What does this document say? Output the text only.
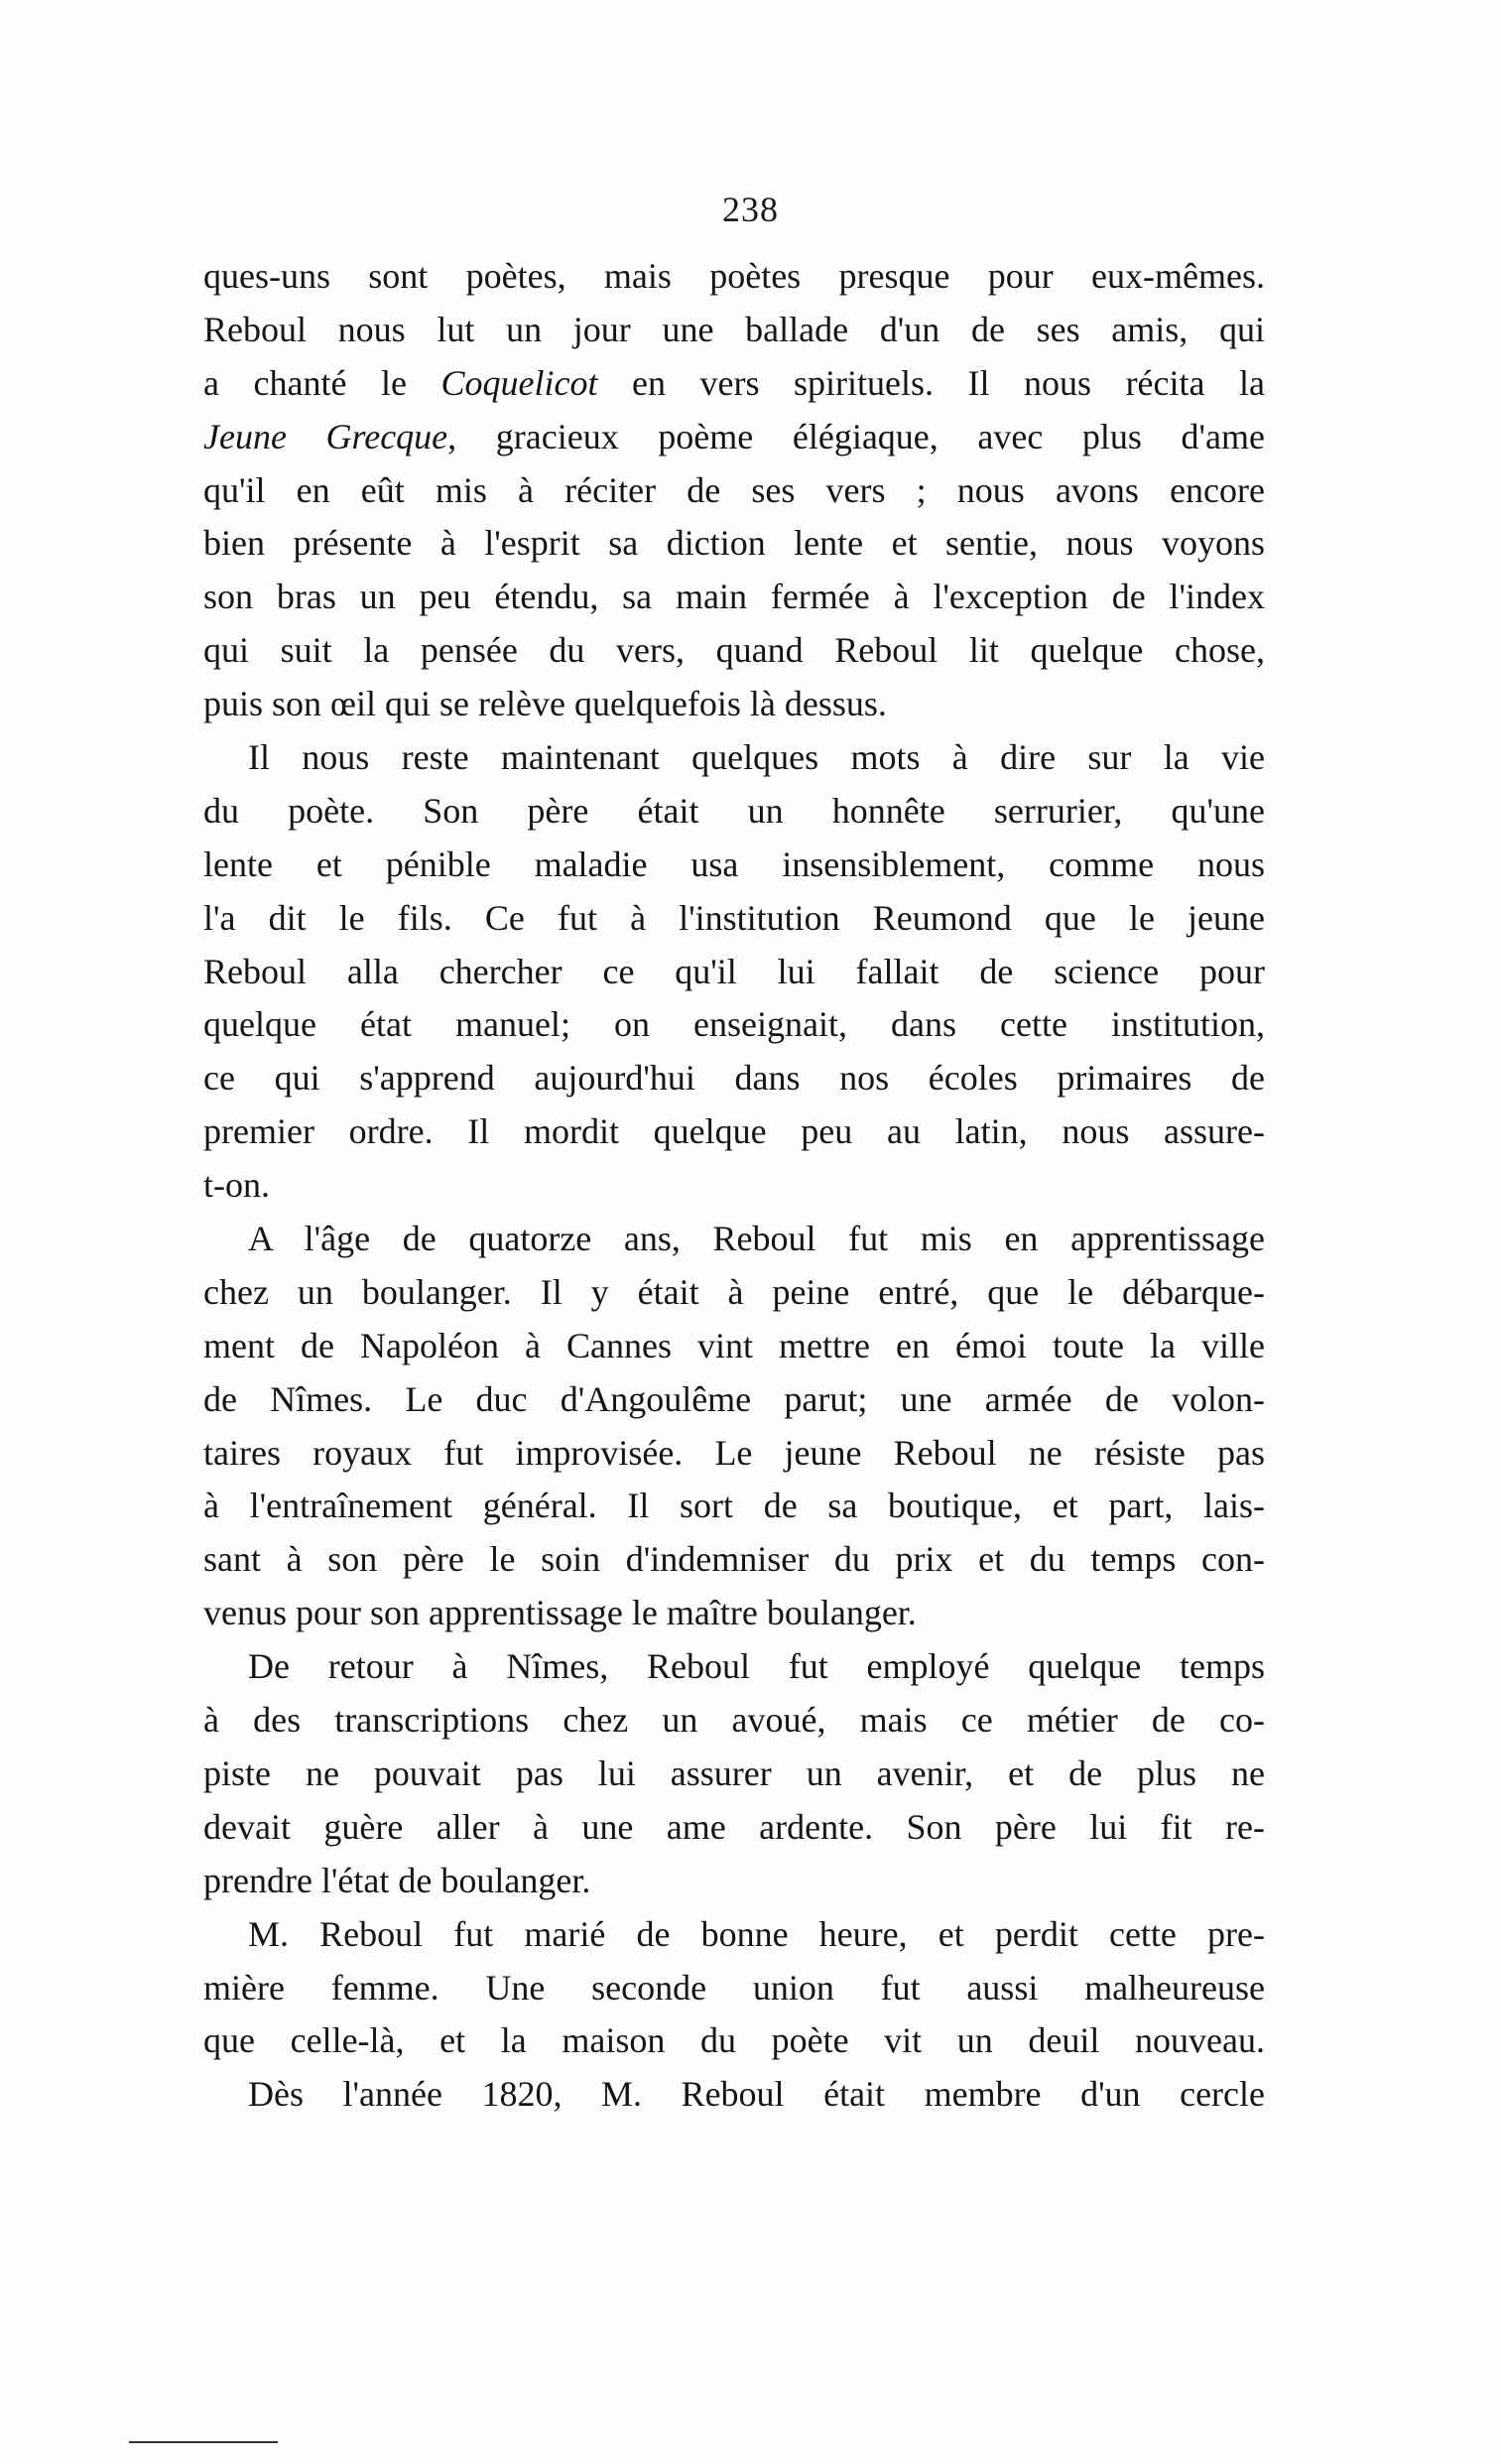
238
ques-uns sont poètes, mais poètes presque pour eux-mêmes.
Reboul nous lut un jour une ballade d'un de ses amis, qui
a chanté le Coquelicot en vers spirituels. Il nous récita la
Jeune Grecque, gracieux poème élégiaque, avec plus d'ame
qu'il en eût mis à réciter de ses vers ; nous avons encore
bien présente à l'esprit sa diction lente et sentie, nous voyons
son bras un peu étendu, sa main fermée à l'exception de l'index
qui suit la pensée du vers, quand Reboul lit quelque chose,
puis son œil qui se relève quelquefois là dessus.
Il nous reste maintenant quelques mots à dire sur la vie
du poète. Son père était un honnête serrurier, qu'une
lente et pénible maladie usa insensiblement, comme nous
l'a dit le fils. Ce fut à l'institution Reumond que le jeune
Reboul alla chercher ce qu'il lui fallait de science pour
quelque état manuel; on enseignait, dans cette institution,
ce qui s'apprend aujourd'hui dans nos écoles primaires de
premier ordre. Il mordit quelque peu au latin, nous assure-
t-on.
A l'âge de quatorze ans, Reboul fut mis en apprentissage
chez un boulanger. Il y était à peine entré, que le débarque-
ment de Napoléon à Cannes vint mettre en émoi toute la ville
de Nîmes. Le duc d'Angoulême parut; une armée de volon-
taires royaux fut improvisée. Le jeune Reboul ne résiste pas
à l'entraînement général. Il sort de sa boutique, et part, lais-
sant à son père le soin d'indemniser du prix et du temps con-
venus pour son apprentissage le maître boulanger.
De retour à Nîmes, Reboul fut employé quelque temps
à des transcriptions chez un avoué, mais ce métier de co-
piste ne pouvait pas lui assurer un avenir, et de plus ne
devait guère aller à une ame ardente. Son père lui fit re-
prendre l'état de boulanger.
M. Reboul fut marié de bonne heure, et perdit cette pre-
mière femme. Une seconde union fut aussi malheureuse
que celle-là, et la maison du poète vit un deuil nouveau.
Dès l'année 1820, M. Reboul était membre d'un cercle
